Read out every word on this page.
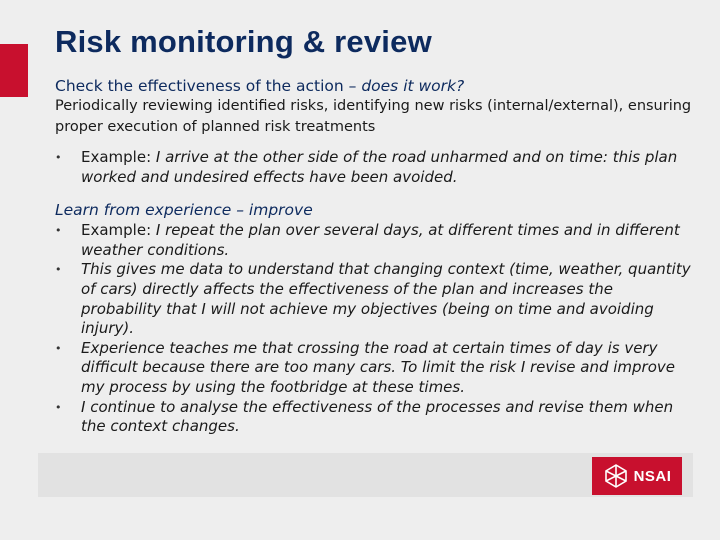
Risk monitoring & review
Check the effectiveness of the action – does it work?
Periodically reviewing identified risks, identifying new risks (internal/external), ensuring proper execution of planned risk treatments
• Example: I arrive at the other side of the road unharmed and on time: this plan worked and undesired effects have been avoided.
Learn from experience – improve
• Example: I repeat the plan over several days, at different times and in different weather conditions.
• This gives me data to understand that changing context (time, weather, quantity of cars) directly affects the effectiveness of the plan and increases the probability that I will not achieve my objectives (being on time and avoiding injury).
• Experience teaches me that crossing the road at certain times of day is very difficult because there are too many cars. To limit the risk I revise and improve my process by using the footbridge at these times.
• I continue to analyse the effectiveness of the processes and revise them when the context changes.
NSAI
